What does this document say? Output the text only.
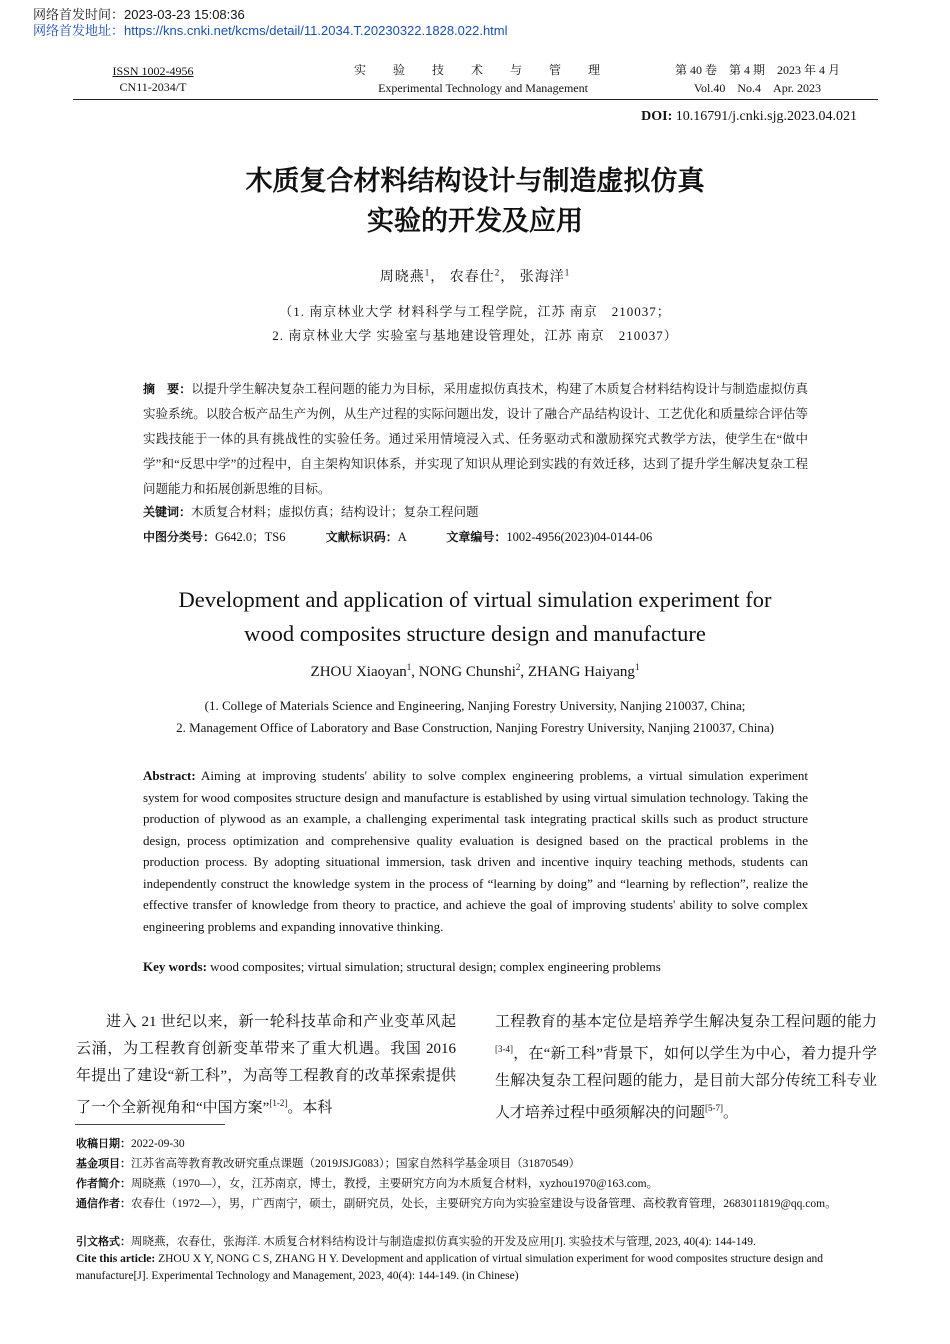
网络首发时间：2023-03-23 15:08:36
网络首发地址：https://kns.cnki.net/kcms/detail/11.2034.T.20230322.1828.022.html
ISSN 1002-4956
CN11-2034/T
实 验 技 术 与 管 理
Experimental Technology and Management
第 40 卷　第 4 期　2023 年 4 月
Vol.40　No.4　Apr. 2023
DOI: 10.16791/j.cnki.sjg.2023.04.021
木质复合材料结构设计与制造虚拟仿真
实验的开发及应用
周晓燕$^1$， 农春仕$^2$， 张海洋$^1$
（1. 南京林业大学 材料科学与工程学院，江苏 南京　210037；
2. 南京林业大学 实验室与基地建设管理处，江苏 南京　210037）
摘　要：以提升学生解决复杂工程问题的能力为目标，采用虚拟仿真技术，构建了木质复合材料结构设计与制造虚拟仿真实验系统。以胶合板产品生产为例，从生产过程的实际问题出发，设计了融合产品结构设计、工艺优化和质量综合评估等实践技能于一体的具有挑战性的实验任务。通过采用情境浸入式、任务驱动式和激励探究式教学方法，使学生在“做中学”和“反思中学”的过程中，自主架构知识体系，并实现了知识从理论到实践的有效迁移，达到了提升学生解决复杂工程问题能力和拓展创新思维的目标。
关键词：木质复合材料；虚拟仿真；结构设计；复杂工程问题
中图分类号：G642.0；TS6	文献标识码：A	文章编号：1002-4956(2023)04-0144-06
Development and application of virtual simulation experiment for
wood composites structure design and manufacture
ZHOU Xiaoyan$^1$, NONG Chunshi$^2$, ZHANG Haiyang$^1$
(1. College of Materials Science and Engineering, Nanjing Forestry University, Nanjing 210037, China;
2. Management Office of Laboratory and Base Construction, Nanjing Forestry University, Nanjing 210037, China)
Abstract: Aiming at improving students' ability to solve complex engineering problems, a virtual simulation experiment system for wood composites structure design and manufacture is established by using virtual simulation technology. Taking the production of plywood as an example, a challenging experimental task integrating practical skills such as product structure design, process optimization and comprehensive quality evaluation is designed based on the practical problems in the production process. By adopting situational immersion, task driven and incentive inquiry teaching methods, students can independently construct the knowledge system in the process of “learning by doing” and “learning by reflection”, realize the effective transfer of knowledge from theory to practice, and achieve the goal of improving students' ability to solve complex engineering problems and expanding innovative thinking.
Key words: wood composites; virtual simulation; structural design; complex engineering problems
进入 21 世纪以来，新一轮科技革命和产业变革风起云涌，为工程教育创新变革带来了重大机遇。我国 2016 年提出了建设“新工科”，为高等工程教育的改革探索提供了一个全新视角和“中国方案”[1-2]。本科
工程教育的基本定位是培养学生解决复杂工程问题的能力[3-4]，在“新工科”背景下，如何以学生为中心，着力提升学生解决复杂工程问题的能力，是目前大部分传统工科专业人才培养过程中亟须解决的问题[5-7]。
收稿日期：2022-09-30
基金项目：江苏省高等教育教改研究重点课题（2019JSJG083）；国家自然科学基金项目（31870549）
作者简介：周晓燕（1970—），女，江苏南京，博士，教授，主要研究方向为木质复合材料，xyzhou1970@163.com。
通信作者：农春仕（1972—），男，广西南宁，硕士，副研究员，处长，主要研究方向为实验室建设与设备管理、高校教育管理，2683011819@qq.com。
引文格式：周晓燕，农春仕，张海洋. 木质复合材料结构设计与制造虚拟仿真实验的开发及应用[J]. 实验技术与管理, 2023, 40(4): 144-149.
Cite this article: ZHOU X Y, NONG C S, ZHANG H Y. Development and application of virtual simulation experiment for wood composites structure design and manufacture[J]. Experimental Technology and Management, 2023, 40(4): 144-149. (in Chinese)
